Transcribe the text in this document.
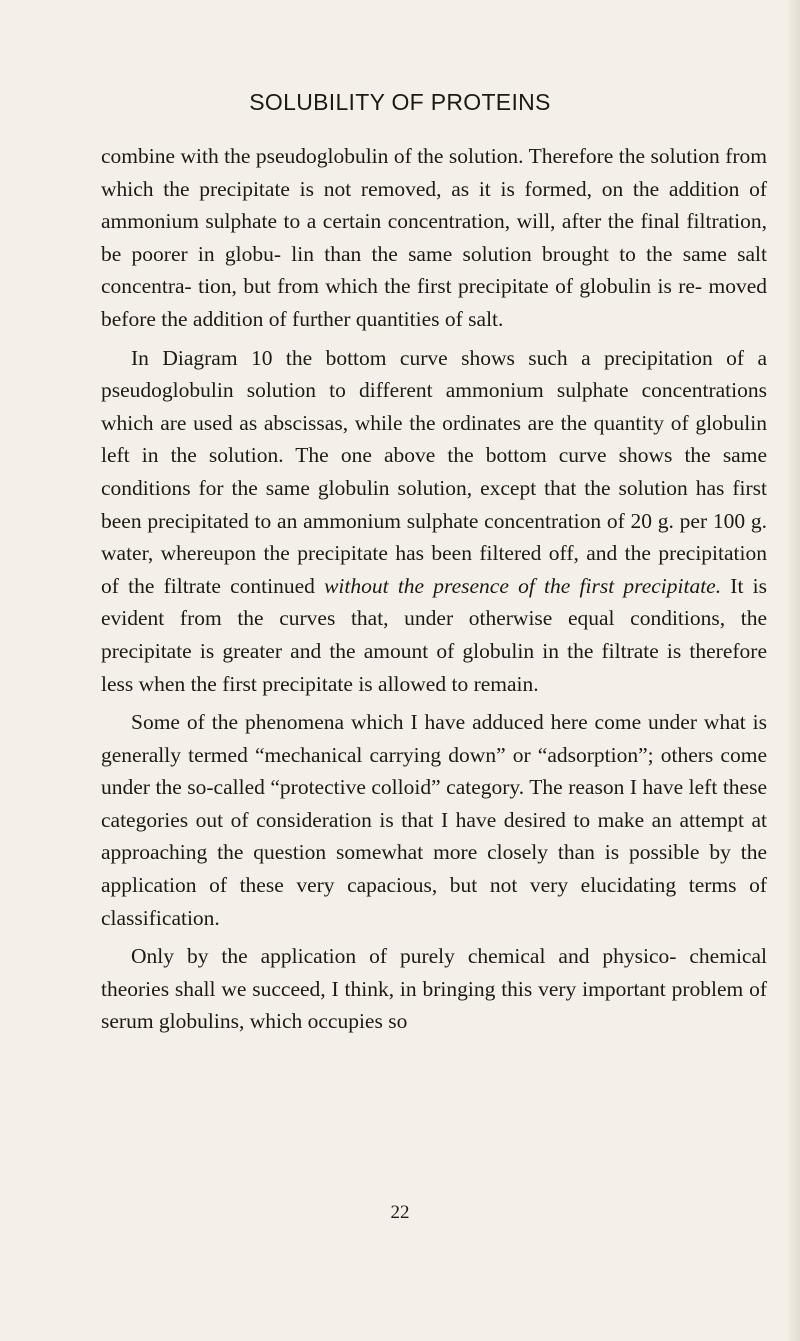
SOLUBILITY OF PROTEINS

combine with the pseudoglobulin of the solution. Therefore the solution from which the precipitate is not removed, as it is formed, on the addition of ammonium sulphate to a certain concentration, will, after the final filtration, be poorer in globu- lin than the same solution brought to the same salt concentra- tion, but from which the first precipitate of globulin is re- moved before the addition of further quantities of salt.

In Diagram 10 the bottom curve shows such a precipitation of a pseudoglobulin solution to different ammonium sulphate concentrations which are used as abscissas, while the ordinates are the quantity of globulin left in the solution. The one above the bottom curve shows the same conditions for the same globulin solution, except that the solution has first been precipitated to an ammonium sulphate concentration of 20 g. per 100 g. water, whereupon the precipitate has been filtered off, and the precipitation of the filtrate continued without the presence of the first precipitate. It is evident from the curves that, under otherwise equal conditions, the precipitate is greater and the amount of globulin in the filtrate is therefore less when the first precipitate is allowed to remain.

Some of the phenomena which I have adduced here come under what is generally termed “mechanical carrying down” or “adsorption”; others come under the so-called “protective colloid” category. The reason I have left these categories out of consideration is that I have desired to make an attempt at approaching the question somewhat more closely than is possible by the application of these very capacious, but not very elucidating terms of classification.

Only by the application of purely chemical and physico- chemical theories shall we succeed, I think, in bringing this very important problem of serum globulins, which occupies so

22
